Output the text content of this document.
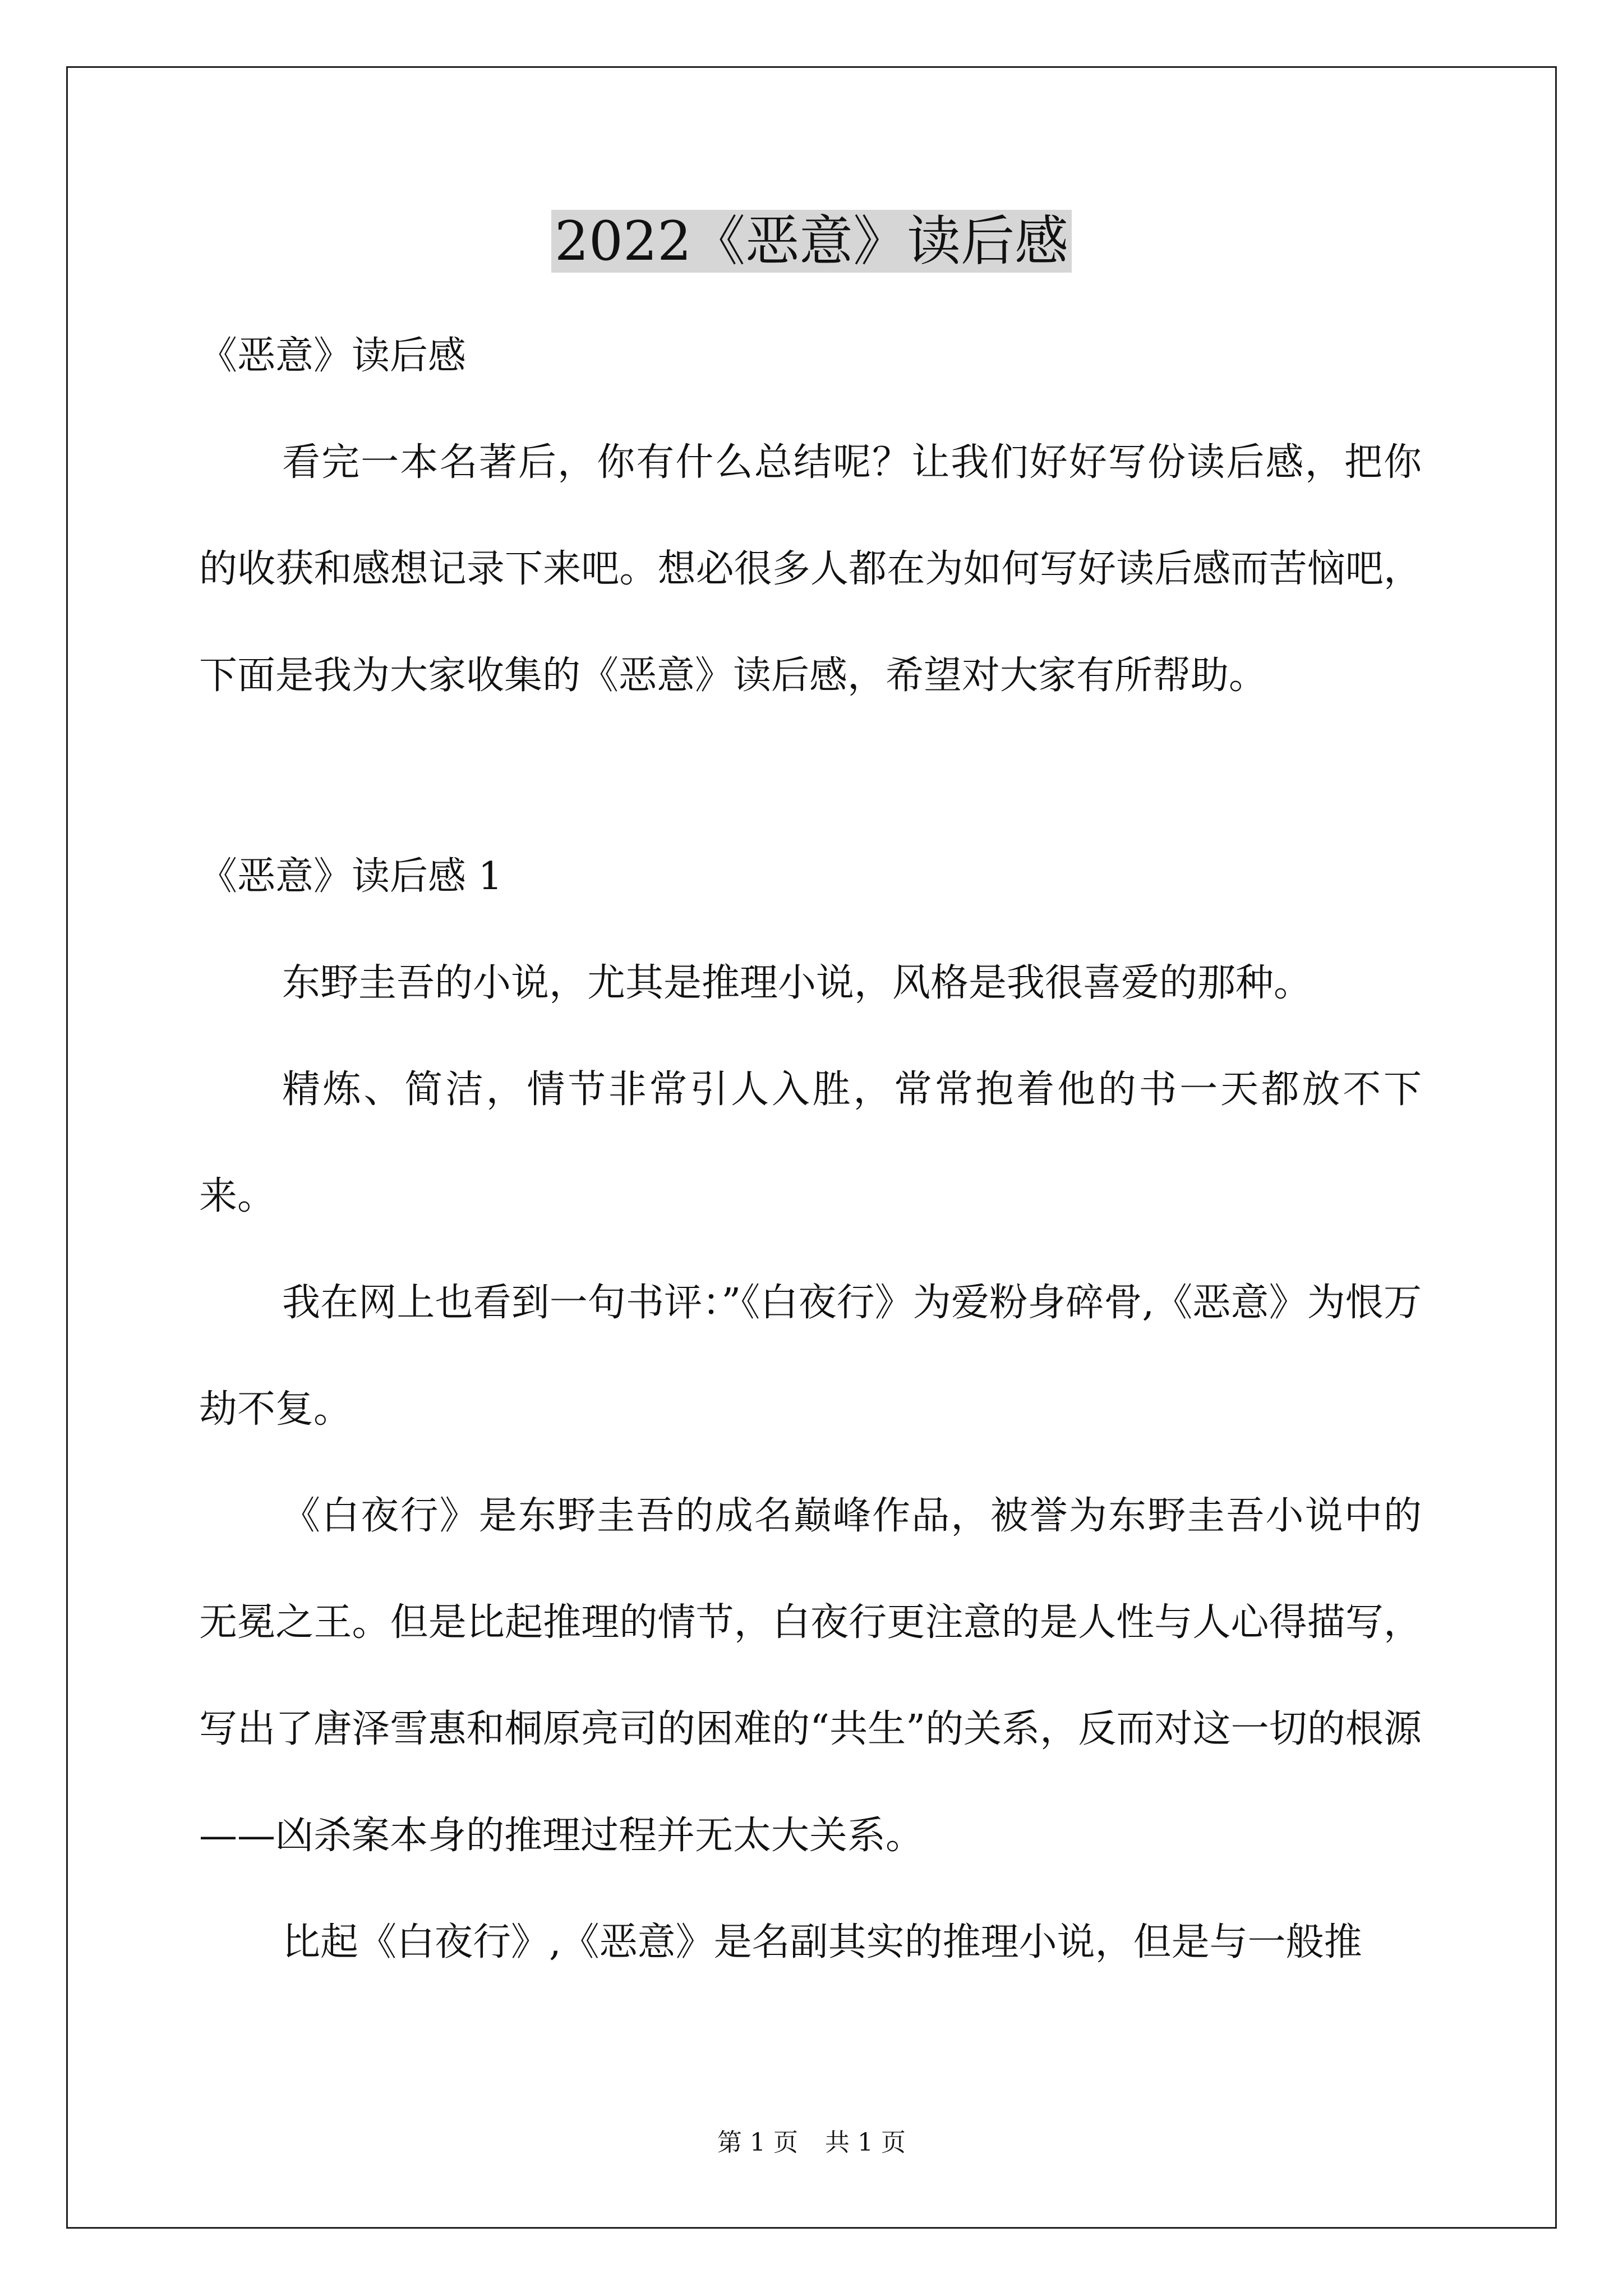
2022《恶意》读后感

《恶意》读后感

看完一本名著后，你有什么总结呢？让我们好好写份读后感，把你的收获和感想记录下来吧。想必很多人都在为如何写好读后感而苦恼吧，下面是我为大家收集的《恶意》读后感，希望对大家有所帮助。

《恶意》读后感 1

东野圭吾的小说，尤其是推理小说，风格是我很喜爱的那种。

精炼、简洁，情节非常引人入胜，常常抱着他的书一天都放不下来。

我在网上也看到一句书评：”《白夜行》为爱粉身碎骨,《恶意》为恨万劫不复。

《白夜行》是东野圭吾的成名巅峰作品，被誉为东野圭吾小说中的无冕之王。但是比起推理的情节，白夜行更注意的是人性与人心得描写，写出了唐泽雪惠和桐原亮司的困难的“共生”的关系，反而对这一切的根源——凶杀案本身的推理过程并无太大关系。

比起《白夜行》,《恶意》是名副其实的推理小说，但是与一般推

第 1 页 共 1 页
